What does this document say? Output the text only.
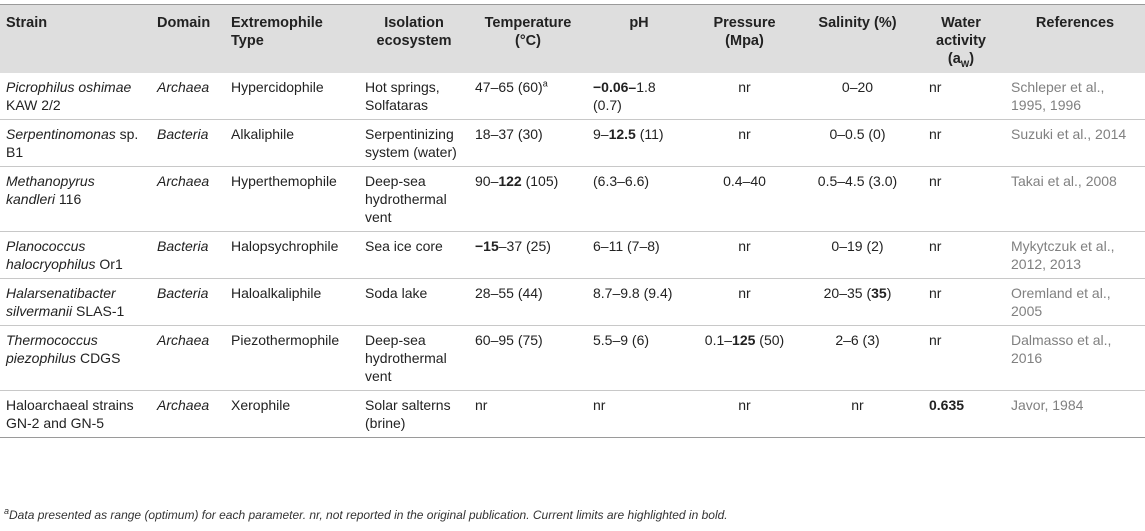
Strain	Domain	Extremophile Type	Isolation ecosystem	Temperature (°C)	pH	Pressure (Mpa)	Salinity (%)	Water activity $(a_W)$	References
Picrophilus oshimae KAW 2/2	Archaea	Hypercidophile	Hot springs, Solfataras	47–65 $(60)^a$	−0.06–1.8 (0.7)	nr	0–20	nr	Schleper et al., 1995, 1996
Serpentinomonas sp. B1	Bacteria	Alkaliphile	Serpentinizing system (water)	18–37 (30)	9–12.5 (11)	nr	0–0.5 (0)	nr	Suzuki et al., 2014
Methanopyrus kandleri 116	Archaea	Hyperthemophile	Deep-sea hydrothermal vent	90–122 (105)	(6.3–6.6)	0.4–40	0.5–4.5 (3.0)	nr	Takai et al., 2008
Planococcus halocryophilus Or1	Bacteria	Halopsychrophile	Sea ice core	−15–37 (25)	6–11 (7–8)	nr	0–19 (2)	nr	Mykytczuk et al., 2012, 2013
Halarsenatibacter silvermanii SLAS-1	Bacteria	Haloalkaliphile	Soda lake	28–55 (44)	8.7–9.8 (9.4)	nr	20–35 (35)	nr	Oremland et al., 2005
Thermococcus piezophilus CDGS	Archaea	Piezothermophile	Deep-sea hydrothermal vent	60–95 (75)	5.5–9 (6)	0.1–125 (50)	2–6 (3)	nr	Dalmasso et al., 2016
Haloarchaeal strains GN-2 and GN-5	Archaea	Xerophile	Solar salterns (brine)	nr	nr	nr	nr	0.635	Javor, 1984
$^a$Data presented as range (optimum) for each parameter. nr, not reported in the original publication. Current limits are highlighted in bold.
